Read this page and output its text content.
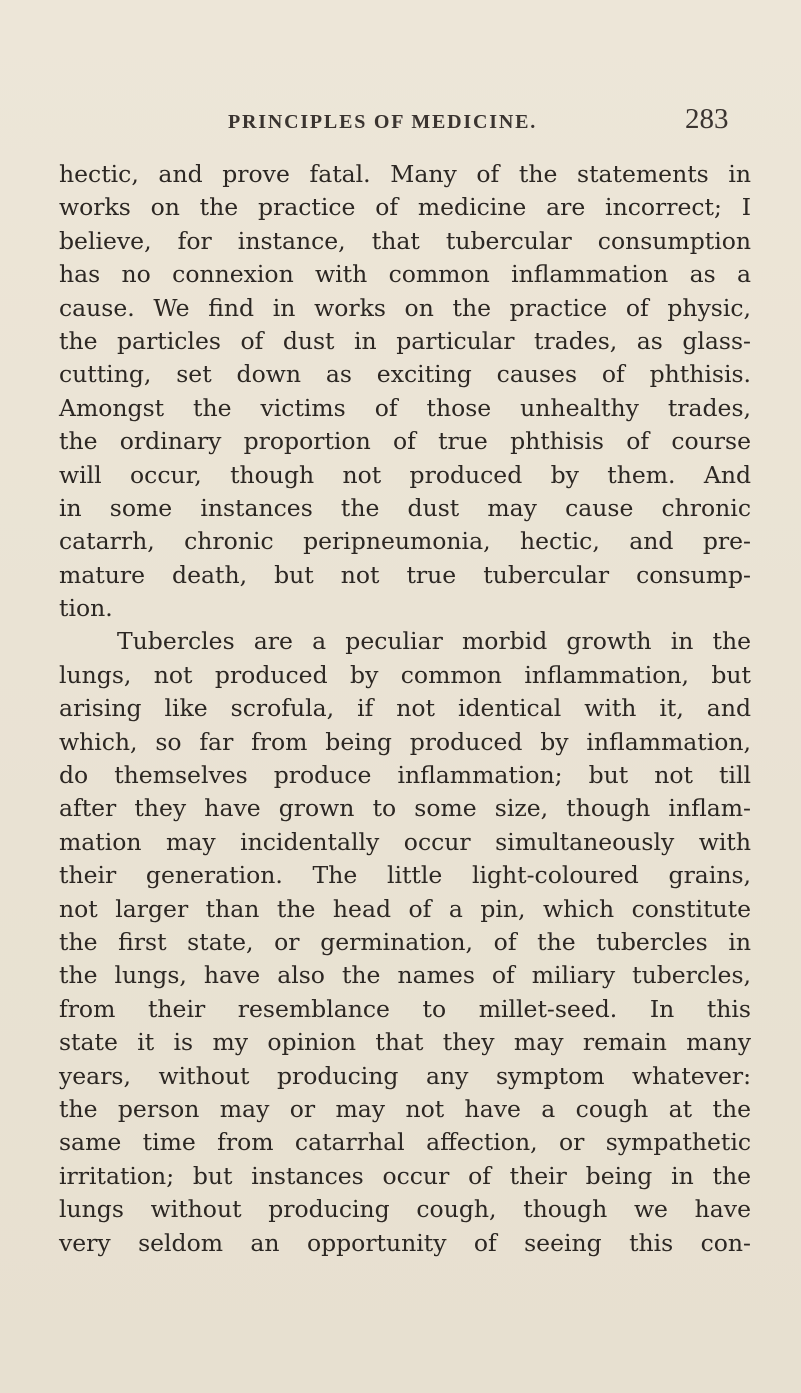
PRINCIPLES OF MEDICINE.	283
hectic, and prove fatal. Many of the statements in
works on the practice of medicine are incorrect; I
believe, for instance, that tubercular consumption
has no connexion with common inflammation as a
cause. We find in works on the practice of physic,
the particles of dust in particular trades, as glass-
cutting, set down as exciting causes of phthisis.
Amongst the victims of those unhealthy trades,
the ordinary proportion of true phthisis of course
will occur, though not produced by them. And
in some instances the dust may cause chronic
catarrh, chronic peripneumonia, hectic, and pre-
mature death, but not true tubercular consump-
tion.
Tubercles are a peculiar morbid growth in the
lungs, not produced by common inflammation, but
arising like scrofula, if not identical with it, and
which, so far from being produced by inflammation,
do themselves produce inflammation; but not till
after they have grown to some size, though inflam-
mation may incidentally occur simultaneously with
their generation. The little light-coloured grains,
not larger than the head of a pin, which constitute
the first state, or germination, of the tubercles in
the lungs, have also the names of miliary tubercles,
from their resemblance to millet-seed. In this
state it is my opinion that they may remain many
years, without producing any symptom whatever:
the person may or may not have a cough at the
same time from catarrhal affection, or sympathetic
irritation; but instances occur of their being in the
lungs without producing cough, though we have
very seldom an opportunity of seeing this con-
